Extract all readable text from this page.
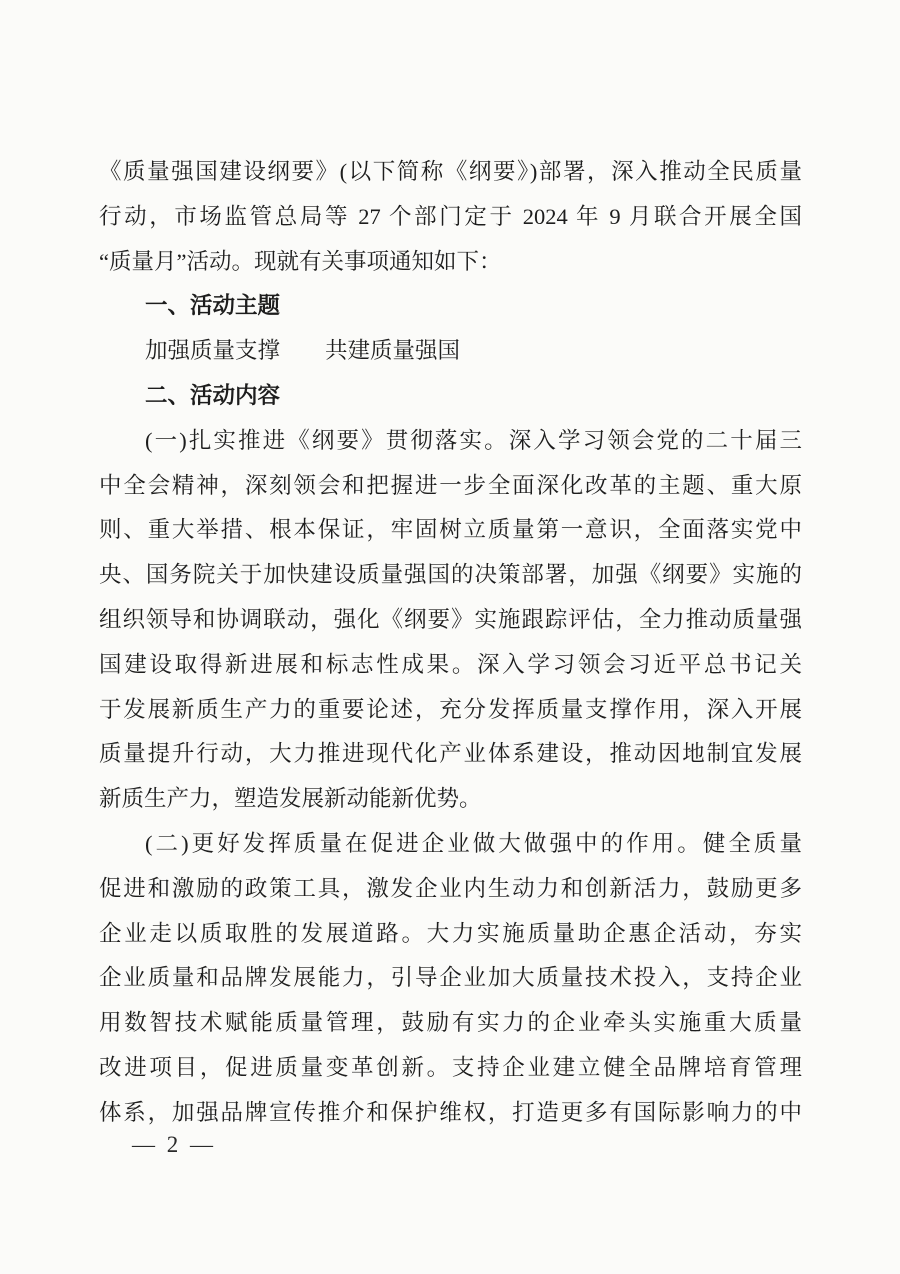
《质量强国建设纲要》(以下简称《纲要》)部署，深入推动全民质量
行动，市场监管总局等 27 个部门定于 2024 年 9 月联合开展全国
“质量月”活动。现就有关事项通知如下：
一、活动主题
加强质量支撑　　共建质量强国
二、活动内容
(一)扎实推进《纲要》贯彻落实。深入学习领会党的二十届三
中全会精神，深刻领会和把握进一步全面深化改革的主题、重大原
则、重大举措、根本保证，牢固树立质量第一意识，全面落实党中
央、国务院关于加快建设质量强国的决策部署，加强《纲要》实施的
组织领导和协调联动，强化《纲要》实施跟踪评估，全力推动质量强
国建设取得新进展和标志性成果。深入学习领会习近平总书记关
于发展新质生产力的重要论述，充分发挥质量支撑作用，深入开展
质量提升行动，大力推进现代化产业体系建设，推动因地制宜发展
新质生产力，塑造发展新动能新优势。
(二)更好发挥质量在促进企业做大做强中的作用。健全质量
促进和激励的政策工具，激发企业内生动力和创新活力，鼓励更多
企业走以质取胜的发展道路。大力实施质量助企惠企活动，夯实
企业质量和品牌发展能力，引导企业加大质量技术投入，支持企业
用数智技术赋能质量管理，鼓励有实力的企业牵头实施重大质量
改进项目，促进质量变革创新。支持企业建立健全品牌培育管理
体系，加强品牌宣传推介和保护维权，打造更多有国际影响力的中
— 2 —
